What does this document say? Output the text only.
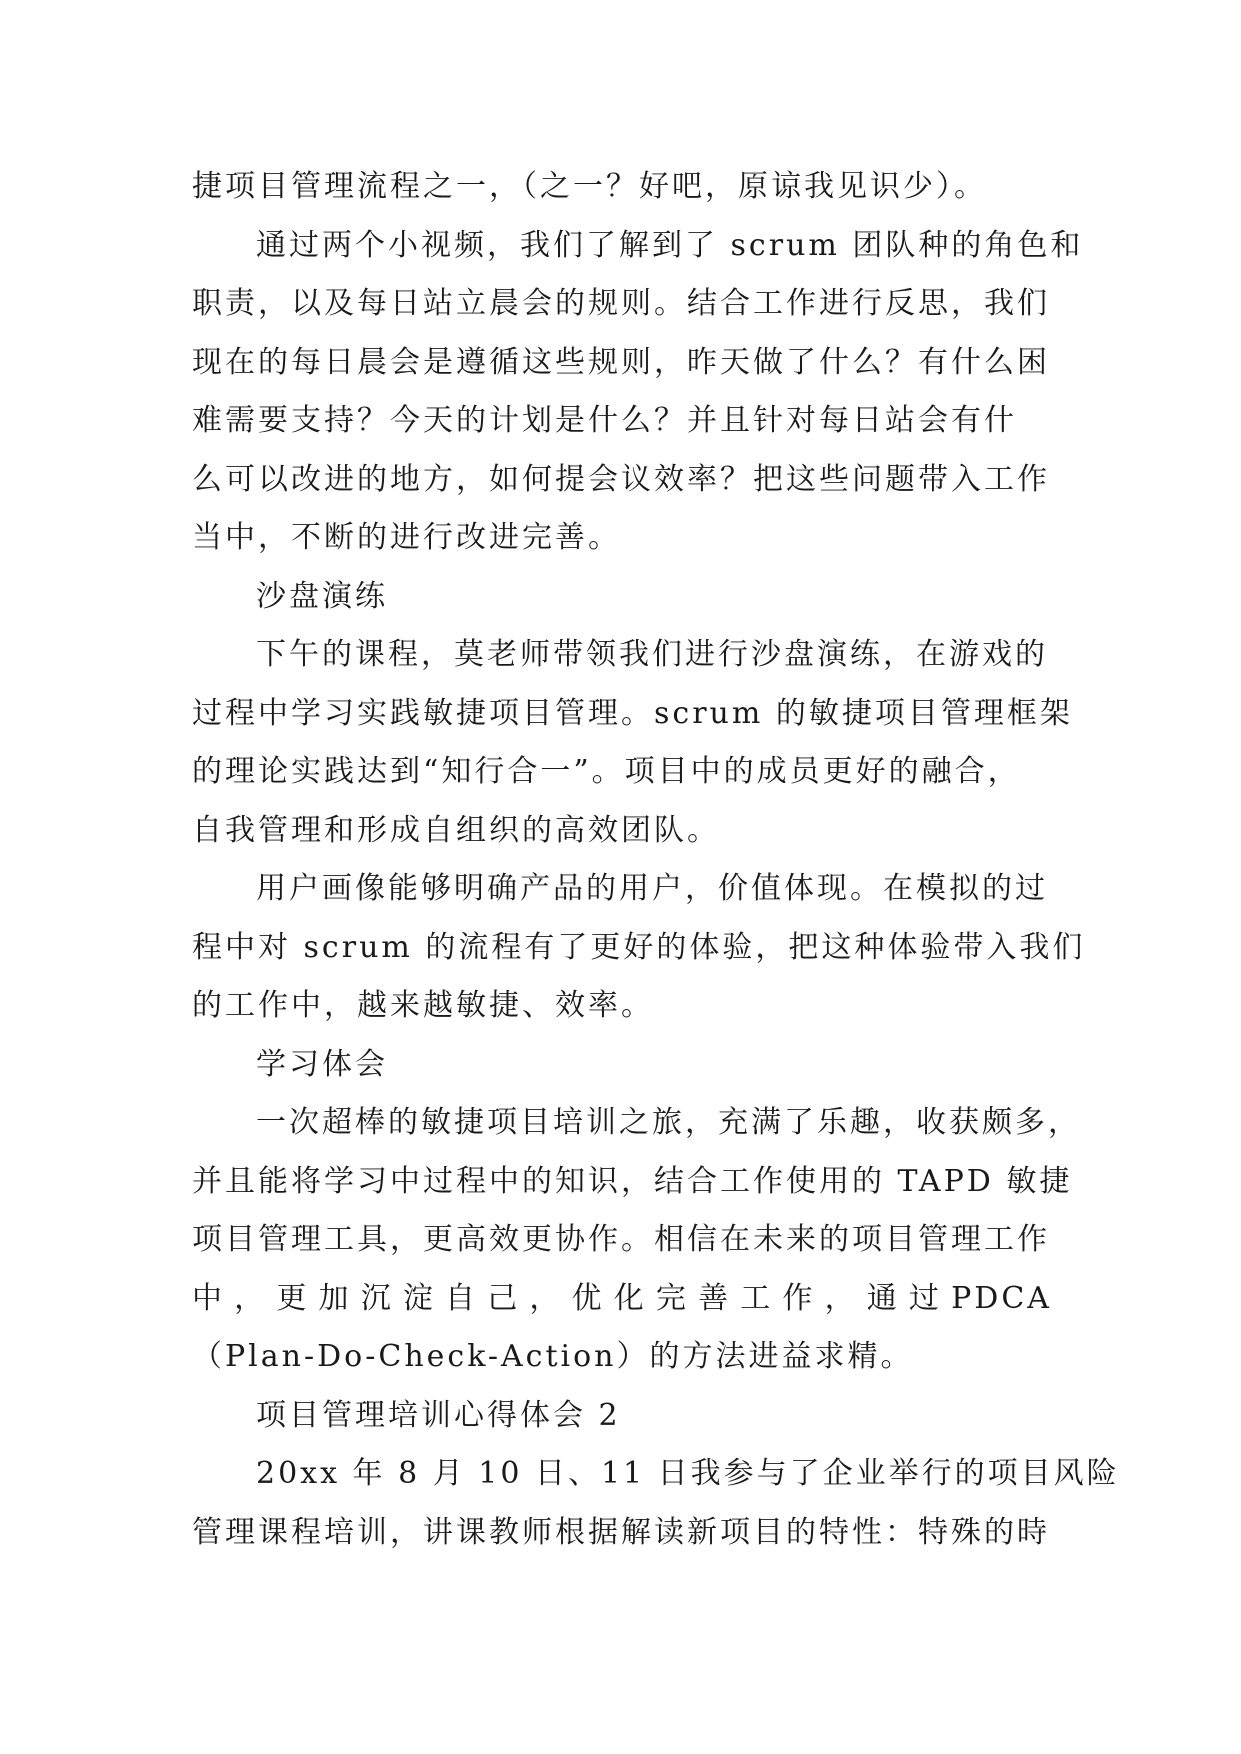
捷项目管理流程之一，（之一？好吧，原谅我见识少）。
通过两个小视频，我们了解到了 scrum 团队种的角色和
职责，以及每日站立晨会的规则。结合工作进行反思，我们
现在的每日晨会是遵循这些规则，昨天做了什么？有什么困
难需要支持？今天的计划是什么？并且针对每日站会有什
么可以改进的地方，如何提会议效率？把这些问题带入工作
当中，不断的进行改进完善。
沙盘演练
下午的课程，莫老师带领我们进行沙盘演练，在游戏的
过程中学习实践敏捷项目管理。scrum 的敏捷项目管理框架
的理论实践达到“知行合一”。项目中的成员更好的融合，
自我管理和形成自组织的高效团队。
用户画像能够明确产品的用户，价值体现。在模拟的过
程中对 scrum 的流程有了更好的体验，把这种体验带入我们
的工作中，越来越敏捷、效率。
学习体会
一次超棒的敏捷项目培训之旅，充满了乐趣，收获颇多，
并且能将学习中过程中的知识，结合工作使用的 TAPD 敏捷
项目管理工具，更高效更协作。相信在未来的项目管理工作
中 ， 更 加 沉 淀 自 己 ， 优 化 完 善 工 作 ， 通 过 PDCA
（Plan-Do-Check-Action）的方法进益求精。
项目管理培训心得体会 2
20xx 年 8 月 10 日、11 日我参与了企业举行的项目风险
管理课程培训，讲课教师根据解读新项目的特性：特殊的時
